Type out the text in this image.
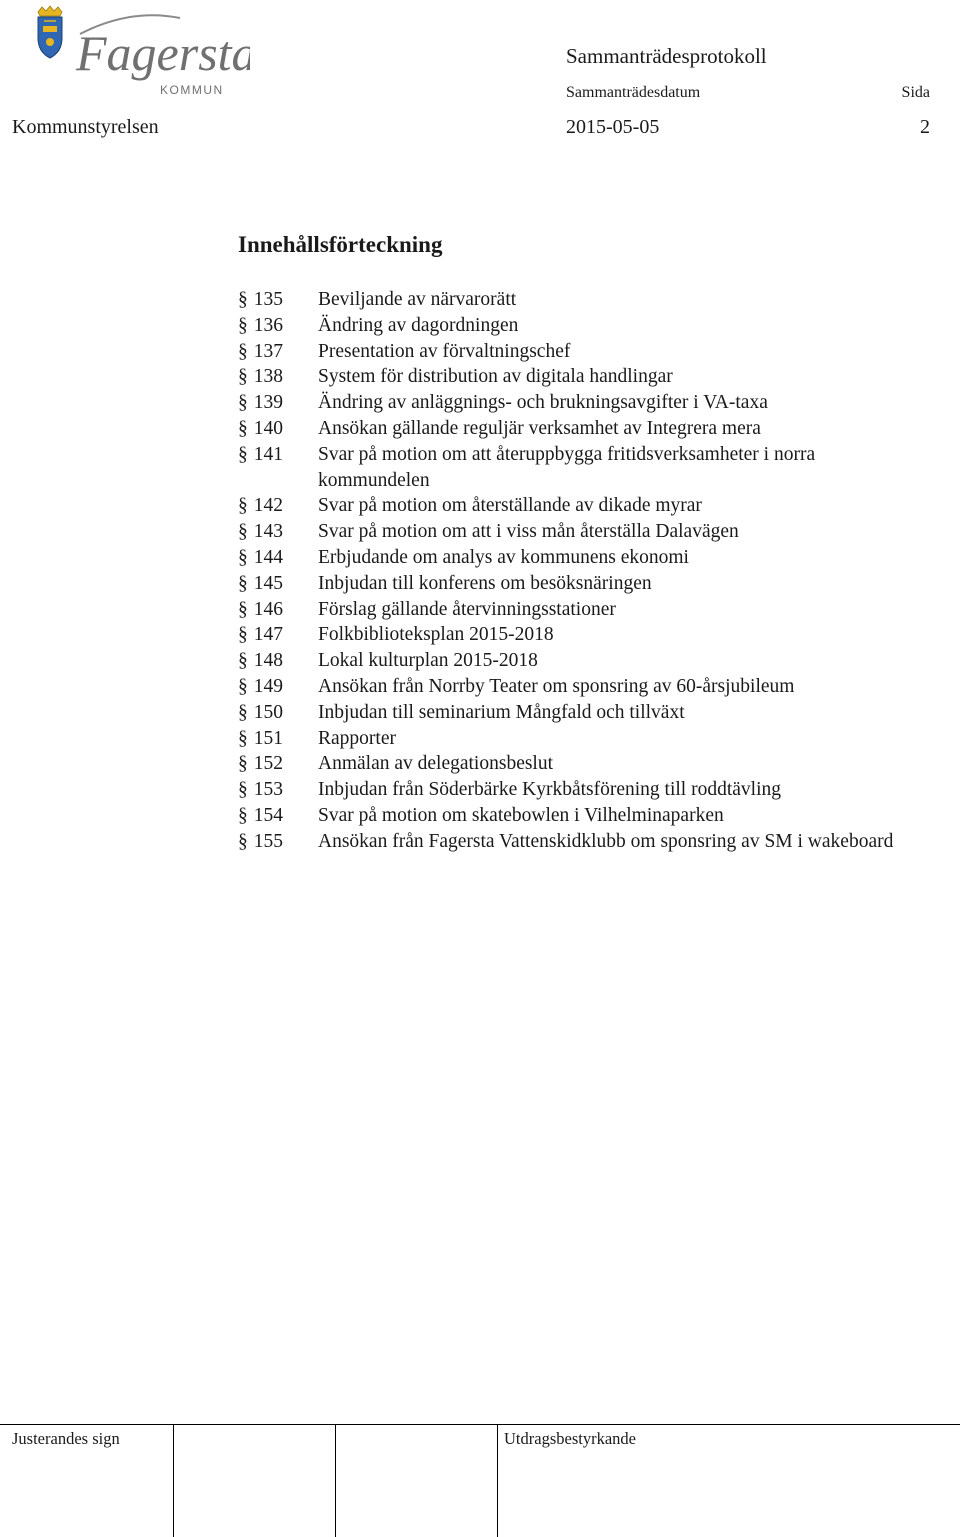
Fagersta
KOMMUN
Sammanträdesprotokoll
Sammanträdesdatum	Sida
Kommunstyrelsen	2015-05-05	2
Innehållsförteckning
§ 135	Beviljande av närvarorätt
§ 136	Ändring av dagordningen
§ 137	Presentation av förvaltningschef
§ 138	System för distribution av digitala handlingar
§ 139	Ändring av anläggnings- och brukningsavgifter i VA-taxa
§ 140	Ansökan gällande reguljär verksamhet av Integrera mera
§ 141	Svar på motion om att återuppbygga fritidsverksamheter i norra kommundelen
§ 142	Svar på motion om återställande av dikade myrar
§ 143	Svar på motion om att i viss mån återställa Dalavägen
§ 144	Erbjudande om analys av kommunens ekonomi
§ 145	Inbjudan till konferens om besöksnäringen
§ 146	Förslag gällande återvinningsstationer
§ 147	Folkbiblioteksplan 2015-2018
§ 148	Lokal kulturplan 2015-2018
§ 149	Ansökan från Norrby Teater om sponsring av 60-årsjubileum
§ 150	Inbjudan till seminarium Mångfald och tillväxt
§ 151	Rapporter
§ 152	Anmälan av delegationsbeslut
§ 153	Inbjudan från Söderbärke Kyrkbåtsförening till roddtävling
§ 154	Svar på motion om skatebowlen i Vilhelminaparken
§ 155	Ansökan från Fagersta Vattenskidklubb om sponsring av SM i wakeboard
Justerandes sign	Utdragsbestyrkande
